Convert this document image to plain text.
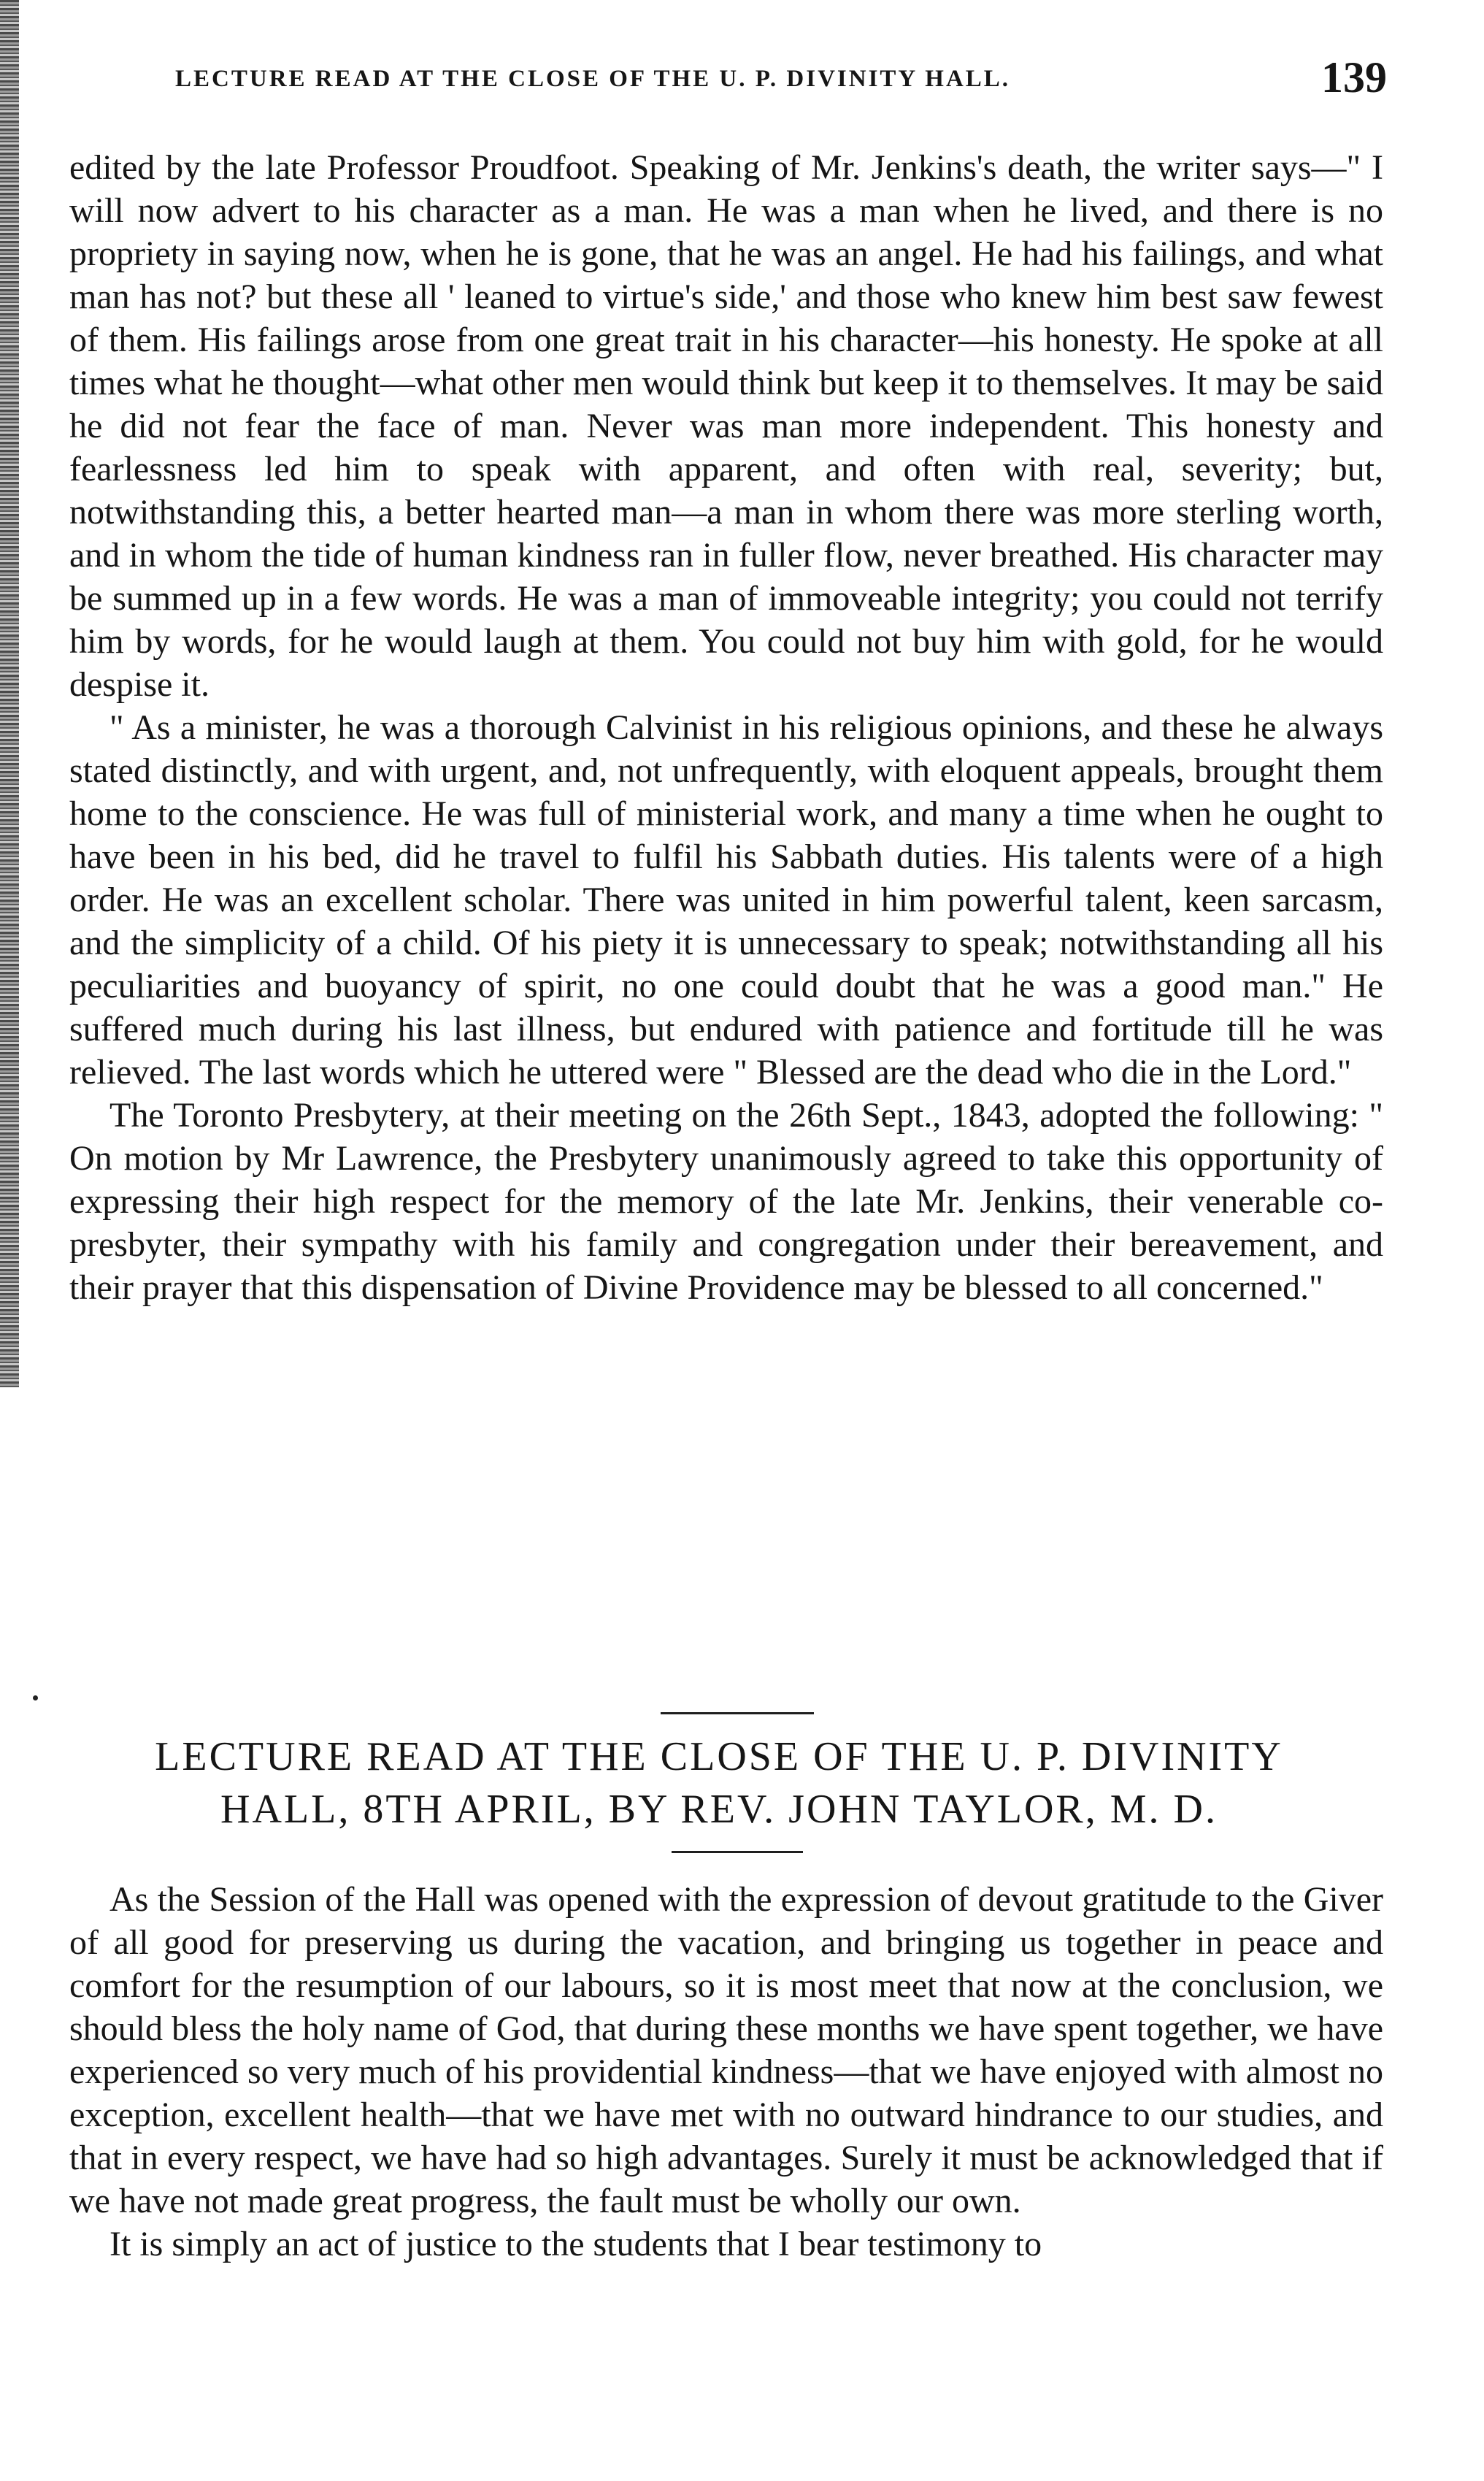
LECTURE READ AT THE CLOSE OF THE U. P. DIVINITY HALL.	139

edited by the late Professor Proudfoot. Speaking of Mr. Jenkins's death, the writer says—" I will now advert to his character as a man. He was a man when he lived, and there is no propriety in saying now, when he is gone, that he was an angel. He had his failings, and what man has not? but these all ' leaned to virtue's side,' and those who knew him best saw fewest of them. His failings arose from one great trait in his character—his honesty. He spoke at all times what he thought—what other men would think but keep it to themselves. It may be said he did not fear the face of man. Never was man more independent. This honesty and fearlessness led him to speak with apparent, and often with real, severity; but, notwithstanding this, a better hearted man—a man in whom there was more sterling worth, and in whom the tide of human kindness ran in fuller flow, never breathed. His character may be summed up in a few words. He was a man of immoveable integrity; you could not terrify him by words, for he would laugh at them. You could not buy him with gold, for he would despise it.

" As a minister, he was a thorough Calvinist in his religious opinions, and these he always stated distinctly, and with urgent, and, not unfrequently, with eloquent appeals, brought them home to the conscience. He was full of ministerial work, and many a time when he ought to have been in his bed, did he travel to fulfil his Sabbath duties. His talents were of a high order. He was an excellent scholar. There was united in him powerful talent, keen sarcasm, and the simplicity of a child. Of his piety it is unnecessary to speak; notwithstanding all his peculiarities and buoyancy of spirit, no one could doubt that he was a good man." He suffered much during his last illness, but endured with patience and fortitude till he was relieved. The last words which he uttered were " Blessed are the dead who die in the Lord."

The Toronto Presbytery, at their meeting on the 26th Sept., 1843, adopted the following: " On motion by Mr Lawrence, the Presbytery unanimously agreed to take this opportunity of expressing their high respect for the memory of the late Mr. Jenkins, their venerable co-presbyter, their sympathy with his family and congregation under their bereavement, and their prayer that this dispensation of Divine Providence may be blessed to all concerned."

LECTURE READ AT THE CLOSE OF THE U. P. DIVINITY
HALL, 8TH APRIL, BY REV. JOHN TAYLOR, M. D.

As the Session of the Hall was opened with the expression of devout gratitude to the Giver of all good for preserving us during the vacation, and bringing us together in peace and comfort for the resumption of our labours, so it is most meet that now at the conclusion, we should bless the holy name of God, that during these months we have spent together, we have experienced so very much of his providential kindness—that we have enjoyed with almost no exception, excellent health—that we have met with no outward hindrance to our studies, and that in every respect, we have had so high advantages. Surely it must be acknowledged that if we have not made great progress, the fault must be wholly our own.

It is simply an act of justice to the students that I bear testimony to
